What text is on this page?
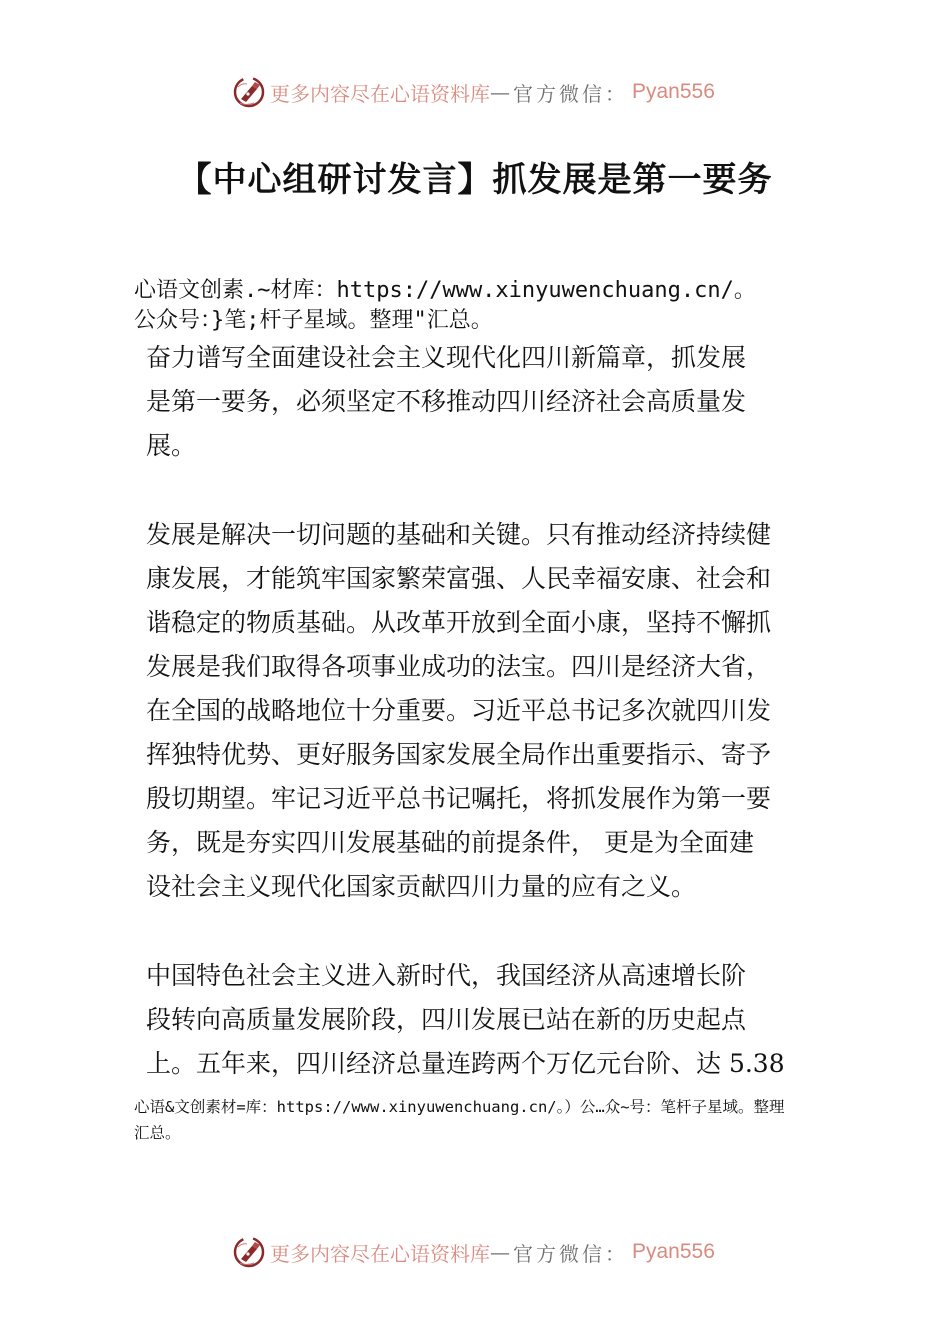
更多内容尽在心语资料库 — 官方微信： Pyan556
【中心组研讨发言】抓发展是第一要务
心语文创素.~材库：https://www.xinyuwenchuang.cn/。
公众号：}笔;杆子星域。整理"汇总。
奋力谱写全面建设社会主义现代化四川新篇章，抓发展
是第一要务，必须坚定不移推动四川经济社会高质量发
展。
发展是解决一切问题的基础和关键。只有推动经济持续健
康发展，才能筑牢国家繁荣富强、人民幸福安康、社会和
谐稳定的物质基础。从改革开放到全面小康，坚持不懈抓
发展是我们取得各项事业成功的法宝。四川是经济大省，
在全国的战略地位十分重要。习近平总书记多次就四川发
挥独特优势、更好服务国家发展全局作出重要指示、寄予
殷切期望。牢记习近平总书记嘱托，将抓发展作为第一要
务，既是夯实四川发展基础的前提条件， 更是为全面建
设社会主义现代化国家贡献四川力量的应有之义。
中国特色社会主义进入新时代，我国经济从高速增长阶
段转向高质量发展阶段，四川发展已站在新的历史起点
上。五年来，四川经济总量连跨两个万亿元台阶、达 5.38
心语&文创素材=库：https://www.xinyuwenchuang.cn/。）公…众~号：笔杆子星域。整理
汇总。
更多内容尽在心语资料库 — 官方微信： Pyan556
